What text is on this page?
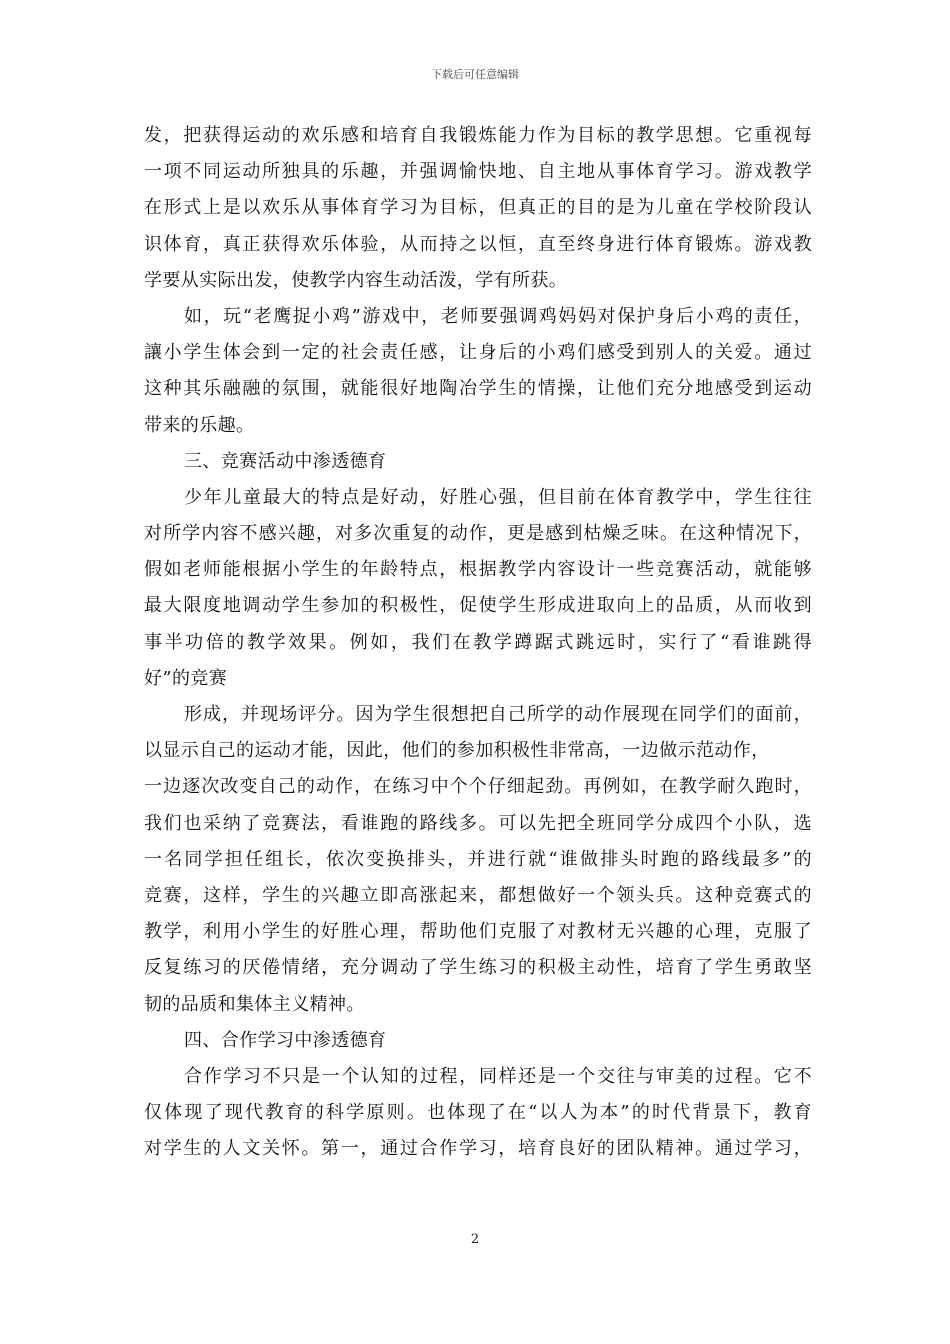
下载后可任意编辑
发，把获得运动的欢乐感和培育自我锻炼能力作为目标的教学思想。它重视每
一项不同运动所独具的乐趣，并强调愉快地、自主地从事体育学习。游戏教学
在形式上是以欢乐从事体育学习为目标，但真正的目的是为儿童在学校阶段认
识体育，真正获得欢乐体验，从而持之以恒，直至终身进行体育锻炼。游戏教
学要从实际出发，使教学内容生动活泼，学有所获。
如，玩“老鹰捉小鸡”游戏中，老师要强调鸡妈妈对保护身后小鸡的责任，
讓小学生体会到一定的社会责任感，让身后的小鸡们感受到别人的关爱。通过
这种其乐融融的氛围，就能很好地陶冶学生的情操，让他们充分地感受到运动
带来的乐趣。
三、竞赛活动中渗透德育
少年儿童最大的特点是好动，好胜心强，但目前在体育教学中，学生往往
对所学内容不感兴趣，对多次重复的动作，更是感到枯燥乏味。在这种情况下，
假如老师能根据小学生的年龄特点，根据教学内容设计一些竞赛活动，就能够
最大限度地调动学生参加的积极性，促使学生形成进取向上的品质，从而收到
事半功倍的教学效果。例如，我们在教学蹲踞式跳远时，实行了“看谁跳得
好”的竞赛
形成，并现场评分。因为学生很想把自己所学的动作展现在同学们的面前，
以显示自己的运动才能，因此，他们的参加积极性非常高，一边做示范动作，
一边逐次改变自己的动作，在练习中个个仔细起劲。再例如，在教学耐久跑时，
我们也采纳了竞赛法，看谁跑的路线多。可以先把全班同学分成四个小队，选
一名同学担任组长，依次变换排头，并进行就“谁做排头时跑的路线最多”的
竞赛，这样，学生的兴趣立即高涨起来，都想做好一个领头兵。这种竞赛式的
教学，利用小学生的好胜心理，帮助他们克服了对教材无兴趣的心理，克服了
反复练习的厌倦情绪，充分调动了学生练习的积极主动性，培育了学生勇敢坚
韧的品质和集体主义精神。
四、合作学习中渗透德育
合作学习不只是一个认知的过程，同样还是一个交往与审美的过程。它不
仅体现了现代教育的科学原则。也体现了在“以人为本”的时代背景下，教育
对学生的人文关怀。第一，通过合作学习，培育良好的团队精神。通过学习，
2
